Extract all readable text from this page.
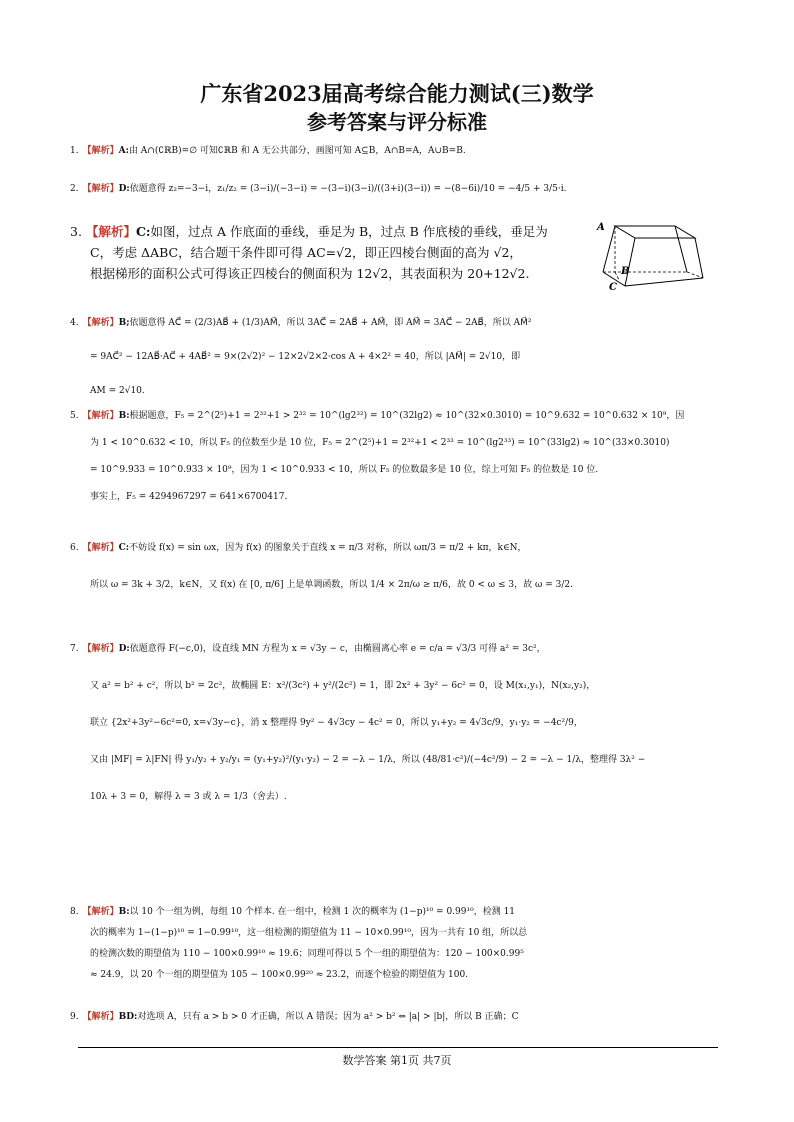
广东省2023届高考综合能力测试(三)数学
参考答案与评分标准
1. 【解析】A:由 A∩(∁ℝB)=∅ 可知∁ℝB 和 A 无公共部分，画图可知 A⊆B，A∩B=A，A∪B=B.
2. 【解析】D:依题意得 z₂=−3−i，z₁/z₂ = (3−i)/(−3−i) = −(3−i)(3−i)/((3+i)(3−i)) = −(8−6i)/10 = −4/5 + 3/5·i.
3. 【解析】C:如图，过点 A 作底面的垂线，垂足为 B，过点 B 作底棱的垂线，垂足为
C，考虑 ΔABC，结合题干条件即可得 AC=√2，即正四棱台侧面的高为 √2，
根据梯形的面积公式可得该正四棱台的侧面积为 12√2，其表面积为 20+12√2.
4. 【解析】B;依题意得 AC⃗ = (2/3)AB⃗ + (1/3)AM⃗，所以 3AC⃗ = 2AB⃗ + AM⃗，即 AM⃗ = 3AC⃗ − 2AB⃗，所以 AM⃗²
= 9AC⃗² − 12AB⃗·AC⃗ + 4AB⃗² = 9×(2√2)² − 12×2√2×2·cos A + 4×2² = 40，所以 |AM⃗| = 2√10，即
AM = 2√10.
5. 【解析】B:根据题意，F₅ = 2^(2⁵)+1 = 2³²+1 > 2³² = 10^(lg2³²) = 10^(32lg2) ≈ 10^(32×0.3010) = 10^9.632 = 10^0.632 × 10⁹，因
为 1 < 10^0.632 < 10，所以 F₅ 的位数至少是 10 位，F₅ = 2^(2⁵)+1 = 2³²+1 < 2³³ = 10^(lg2³³) = 10^(33lg2) ≈ 10^(33×0.3010)
= 10^9.933 = 10^0.933 × 10⁹，因为 1 < 10^0.933 < 10，所以 F₅ 的位数最多是 10 位，综上可知 F₅ 的位数是 10 位.
事实上，F₅ = 4294967297 = 641×6700417.
6. 【解析】C:不妨设 f(x) = sin ωx，因为 f(x) 的图象关于直线 x = π/3 对称，所以 ωπ/3 = π/2 + kπ，k∈N，
所以 ω = 3k + 3/2，k∈N，又 f(x) 在 [0, π/6] 上是单调函数，所以 1/4 × 2π/ω ≥ π/6，故 0 < ω ≤ 3，故 ω = 3/2.
7. 【解析】D:依题意得 F(−c,0)，设直线 MN 方程为 x = √3y − c，由椭圆离心率 e = c/a = √3/3 可得 a² = 3c²，
又 a² = b² + c²，所以 b² = 2c²，故椭圆 E：x²/(3c²) + y²/(2c²) = 1，即 2x² + 3y² − 6c² = 0，设 M(x₁,y₁)，N(x₂,y₂)，
联立 {2x²+3y²−6c²=0, x=√3y−c}，消 x 整理得 9y² − 4√3cy − 4c² = 0，所以 y₁+y₂ = 4√3c/9，y₁·y₂ = −4c²/9，
又由 |MF| = λ|FN| 得 y₁/y₂ + y₂/y₁ = (y₁+y₂)²/(y₁·y₂) − 2 = −λ − 1/λ，所以 (48/81·c²)/(−4c²/9) − 2 = −λ − 1/λ，整理得 3λ² −
10λ + 3 = 0，解得 λ = 3 或 λ = 1/3（舍去）.
8. 【解析】B:以 10 个一组为例，每组 10 个样本. 在一组中，检测 1 次的概率为 (1−p)¹⁰ = 0.99¹⁰，检测 11
次的概率为 1−(1−p)¹⁰ = 1−0.99¹⁰，这一组检测的期望值为 11 − 10×0.99¹⁰，因为一共有 10 组，所以总
的检测次数的期望值为 110 − 100×0.99¹⁰ ≈ 19.6；同理可得以 5 个一组的期望值为：120 − 100×0.99⁵
≈ 24.9，以 20 个一组的期望值为 105 − 100×0.99²⁰ ≈ 23.2，而逐个检验的期望值为 100.
9. 【解析】BD:对选项 A，只有 a > b > 0 才正确，所以 A 错误；因为 a² > b² ⇔ |a| > |b|，所以 B 正确；C
A
B
C
数学答案 第1页 共7页
